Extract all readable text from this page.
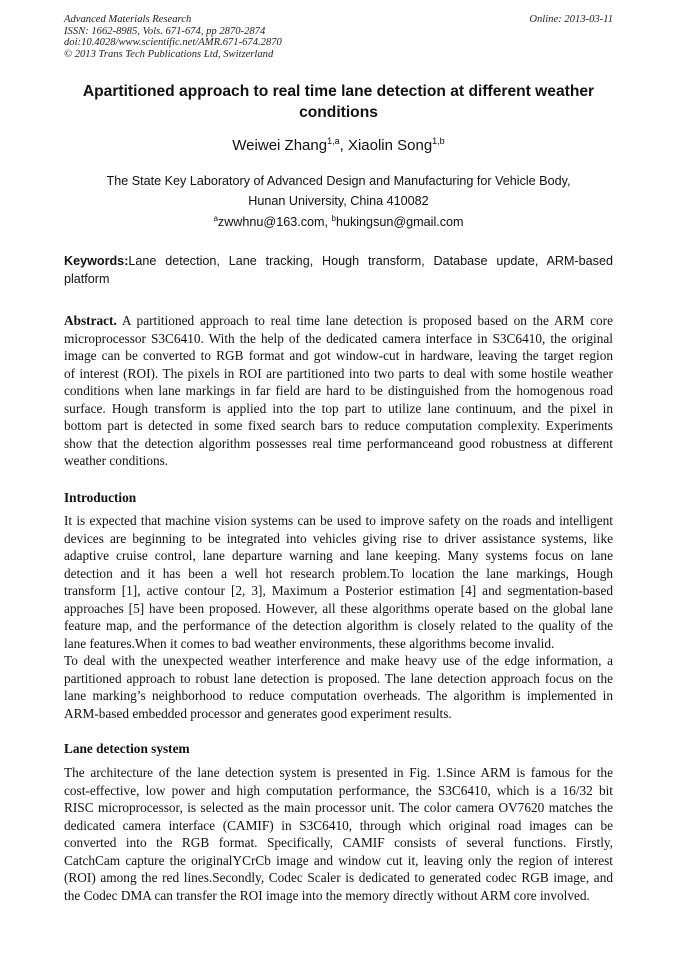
Advanced Materials Research
ISSN: 1662-8985, Vols. 671-674, pp 2870-2874
doi:10.4028/www.scientific.net/AMR.671-674.2870
© 2013 Trans Tech Publications Ltd, Switzerland
Online: 2013-03-11
Apartitioned approach to real time lane detection at different weather
conditions
Weiwei Zhang$^{1,a}$, Xiaolin Song$^{1,b}$
The State Key Laboratory of Advanced Design and Manufacturing for Vehicle Body,
Hunan University, China 410082
$^a$zwwhnu@163.com, $^b$hukingsun@gmail.com
Keywords:Lane detection, Lane tracking, Hough transform, Database update, ARM-based
platform
Abstract. A partitioned approach to real time lane detection is proposed based on the ARM core
microprocessor S3C6410. With the help of the dedicated camera interface in S3C6410, the original
image can be converted to RGB format and got window-cut in hardware, leaving the target region
of interest (ROI). The pixels in ROI are partitioned into two parts to deal with some hostile weather
conditions when lane markings in far field are hard to be distinguished from the homogenous road
surface. Hough transform is applied into the top part to utilize lane continuum, and the pixel in
bottom part is detected in some fixed search bars to reduce computation complexity. Experiments
show that the detection algorithm possesses real time performanceand good robustness at different
weather conditions.
Introduction
It is expected that machine vision systems can be used to improve safety on the roads and intelligent
devices are beginning to be integrated into vehicles giving rise to driver assistance systems, like
adaptive cruise control, lane departure warning and lane keeping. Many systems focus on lane
detection and it has been a well hot research problem.To location the lane markings, Hough
transform [1], active contour [2, 3], Maximum a Posterior estimation [4] and segmentation-based
approaches [5] have been proposed. However, all these algorithms operate based on the global lane
feature map, and the performance of the detection algorithm is closely related to the quality of the
lane features.When it comes to bad weather environments, these algorithms become invalid.
To deal with the unexpected weather interference and make heavy use of the edge information, a
partitioned approach to robust lane detection is proposed. The lane detection approach focus on the
lane marking’s neighborhood to reduce computation overheads. The algorithm is implemented in
ARM-based embedded processor and generates good experiment results.
Lane detection system
The architecture of the lane detection system is presented in Fig. 1.Since ARM is famous for the
cost-effective, low power and high computation performance, the S3C6410, which is a 16/32 bit
RISC microprocessor, is selected as the main processor unit. The color camera OV7620 matches the
dedicated camera interface (CAMIF) in S3C6410, through which original road images can be
converted into the RGB format. Specifically, CAMIF consists of several functions. Firstly,
CatchCam capture the originalYCrCb image and window cut it, leaving only the region of interest
(ROI) among the red lines.Secondly, Codec Scaler is dedicated to generated codec RGB image, and
the Codec DMA can transfer the ROI image into the memory directly without ARM core involved.
